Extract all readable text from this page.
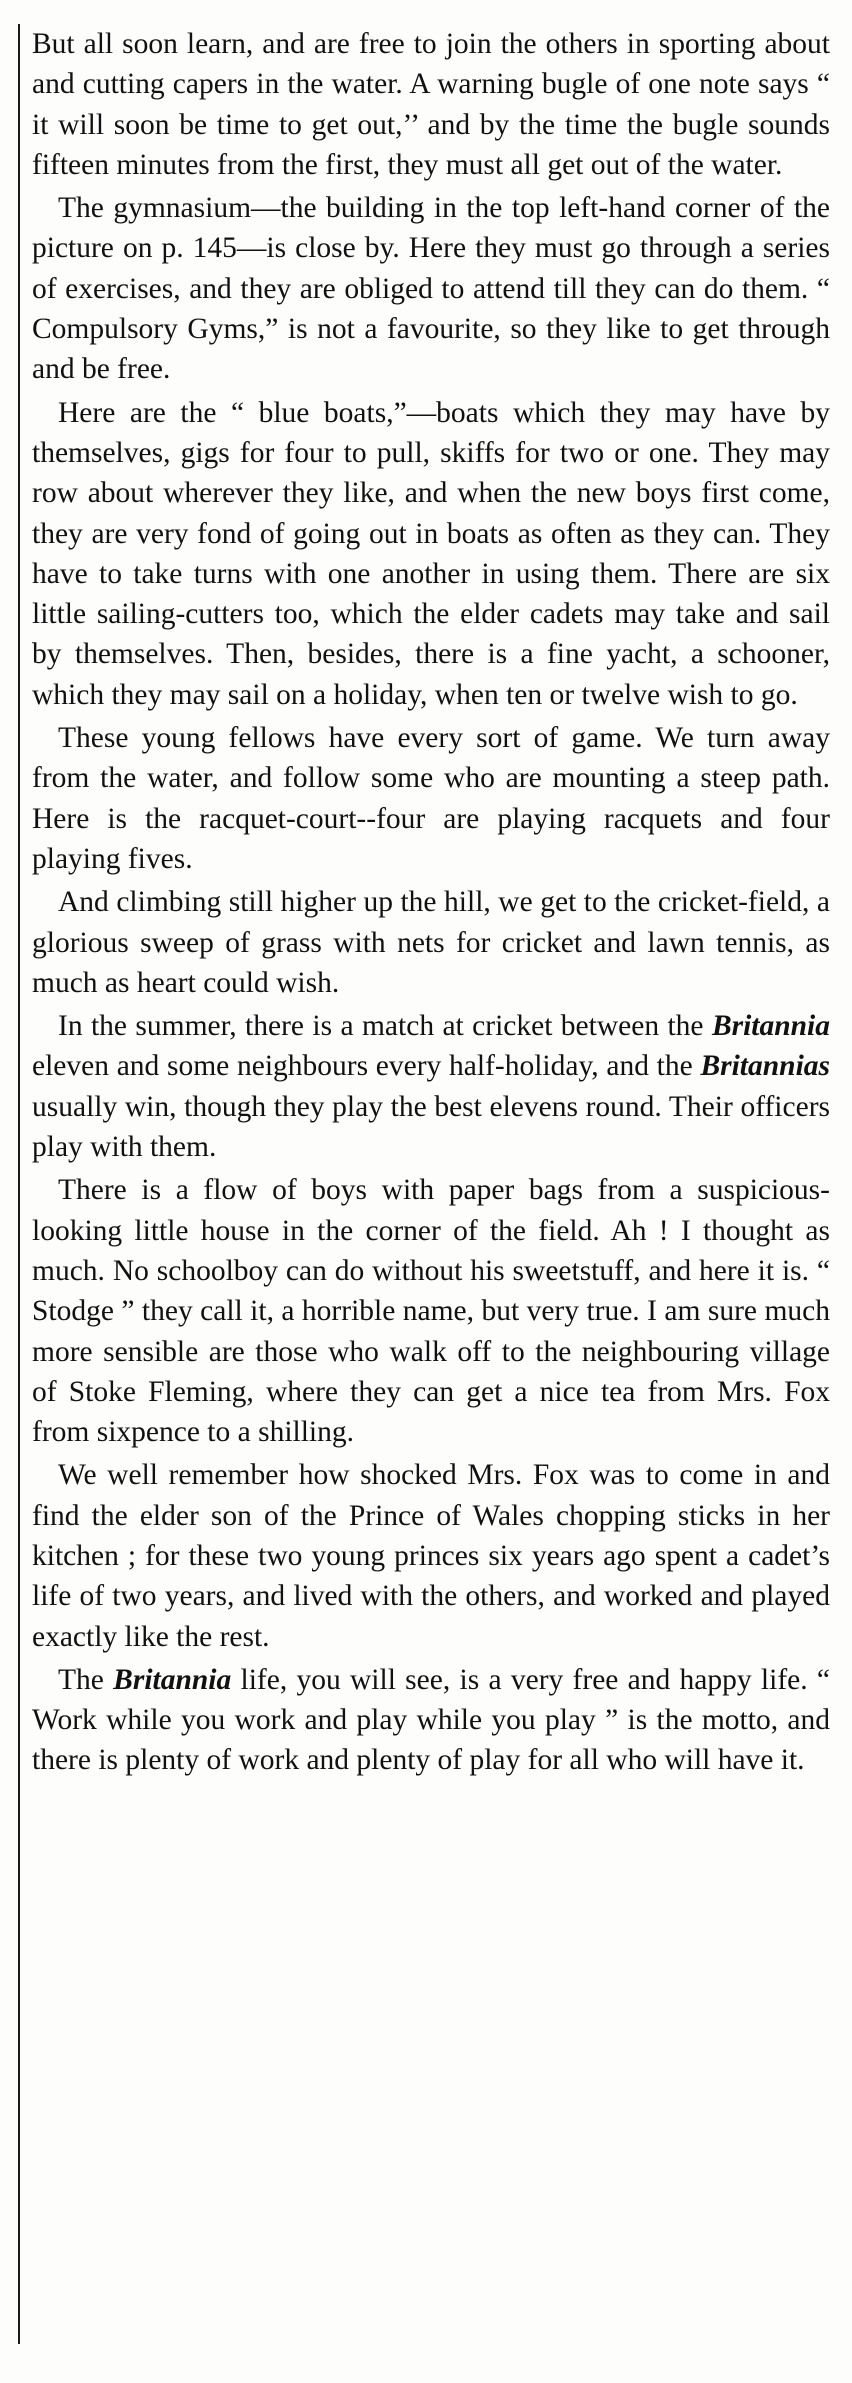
But all soon learn, and are free to join the others in sporting about and cutting capers in the water. A warning bugle of one note says “ it will soon be time to get out,’’ and by the time the bugle sounds fifteen minutes from the first, they must all get out of the water.

The gymnasium—the building in the top left-hand corner of the picture on p. 145—is close by. Here they must go through a series of exercises, and they are obliged to attend till they can do them. “ Compulsory Gyms,” is not a favourite, so they like to get through and be free.

Here are the “ blue boats,”—boats which they may have by themselves, gigs for four to pull, skiffs for two or one. They may row about wherever they like, and when the new boys first come, they are very fond of going out in boats as often as they can. They have to take turns with one another in using them. There are six little sailing-cutters too, which the elder cadets may take and sail by themselves. Then, besides, there is a fine yacht, a schooner, which they may sail on a holiday, when ten or twelve wish to go.

These young fellows have every sort of game. We turn away from the water, and follow some who are mounting a steep path. Here is the racquet-court--four are playing racquets and four playing fives.

And climbing still higher up the hill, we get to the cricket-field, a glorious sweep of grass with nets for cricket and lawn tennis, as much as heart could wish.

In the summer, there is a match at cricket between the Britannia eleven and some neighbours every half-holiday, and the Britannias usually win, though they play the best elevens round. Their officers play with them.

There is a flow of boys with paper bags from a suspicious-looking little house in the corner of the field. Ah ! I thought as much. No schoolboy can do without his sweetstuff, and here it is. “ Stodge ” they call it, a horrible name, but very true. I am sure much more sensible are those who walk off to the neighbouring village of Stoke Fleming, where they can get a nice tea from Mrs. Fox from sixpence to a shilling.

We well remember how shocked Mrs. Fox was to come in and find the elder son of the Prince of Wales chopping sticks in her kitchen ; for these two young princes six years ago spent a cadet’s life of two years, and lived with the others, and worked and played exactly like the rest.

The Britannia life, you will see, is a very free and happy life. “ Work while you work and play while you play ” is the motto, and there is plenty of work and plenty of play for all who will have it.
